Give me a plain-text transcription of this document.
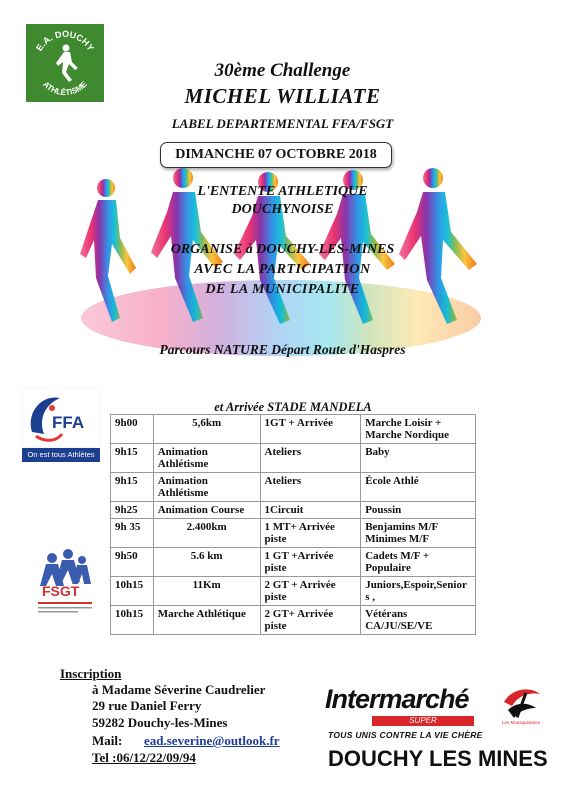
E.A. DOUCHY
ATHLÉTISME
30ème Challenge
MICHEL WILLIATE
LABEL DEPARTEMENTAL FFA/FSGT
DIMANCHE 07 OCTOBRE 2018
L'ENTENTE ATHLETIQUE
DOUCHYNOISE
ORGANISE à DOUCHY-LES-MINES
AVEC LA PARTICIPATION
DE LA MUNICIPALITE
Parcours NATURE Départ Route d'Haspres
FFA
On est tous Athlètes
FSGT
et Arrivée STADE MANDELA
9h00	5,6km	1GT + Arrivée	Marche Loisir + Marche Nordique
9h15	Animation Athlétisme	Ateliers	Baby
9h15	Animation Athlétisme	Ateliers	École Athlé
9h25	Animation Course	1Circuit	Poussin
9h 35	2.400km	1 MT+ Arrivée piste	Benjamins M/F Minimes M/F
9h50	5.6 km	1 GT +Arrivée piste	Cadets M/F + Populaire
10h15	11Km	2 GT + Arrivée piste	Juniors,Espoir,Senior s ,
10h15	Marche Athlétique	2 GT+ Arrivée piste	Vétérans CA/JU/SE/VE
Inscription
à Madame Séverine Caudrelier
29 rue Daniel Ferry
59282 Douchy-les-Mines
Mail: ead.severine@outlook.fr
Tel :06/12/22/09/94
Intermarché
SUPER	Les Mousquetaires
TOUS UNIS CONTRE LA VIE CHÈRE
DOUCHY LES MINES
